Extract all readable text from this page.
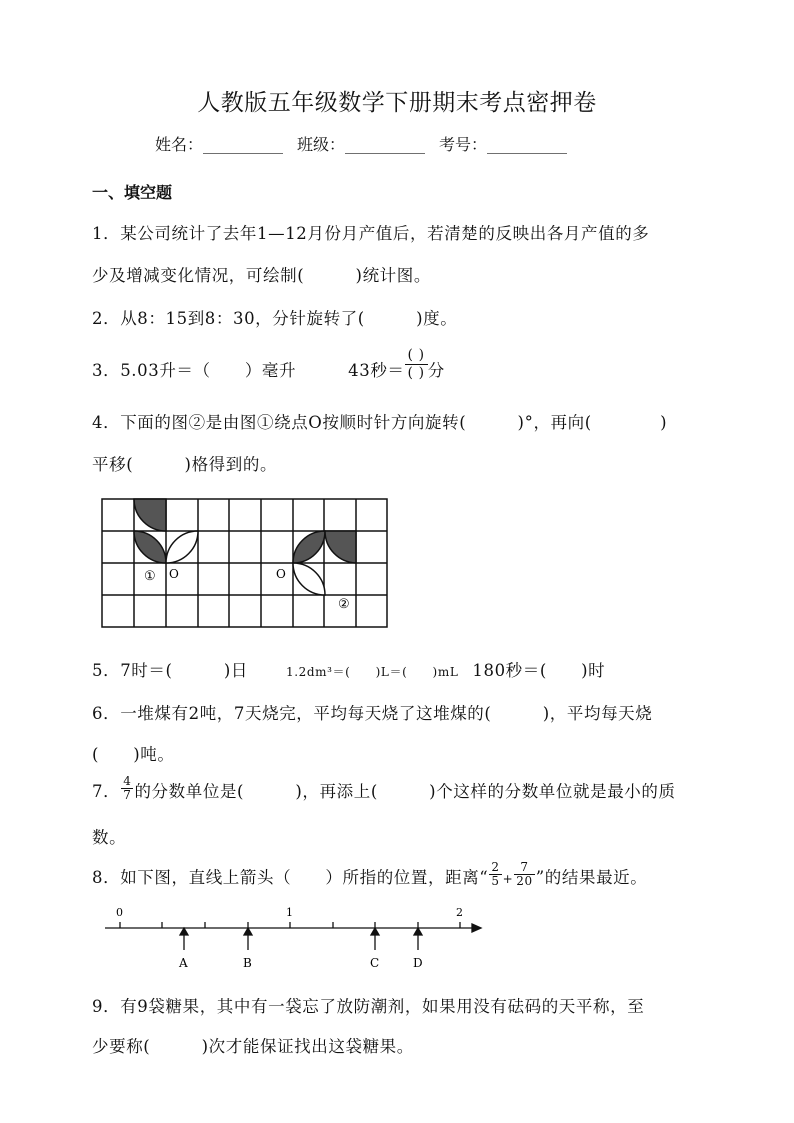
人教版五年级数学下册期末考点密押卷
姓名：__________ 班级：__________ 考号：__________
一、填空题
1．某公司统计了去年1—12月份月产值后，若清楚的反映出各月产值的多
少及增减变化情况，可绘制(　　　)统计图。
2．从8：15到8：30，分针旋转了(　　　)度。
3．5.03升＝（　　）毫升	43秒＝
( )
( ) 分
4．下面的图②是由图①绕点O按顺时针方向旋转(　　　)°，再向(　　　　)
平移(　　　)格得到的。
① O	O
②
5．7时＝(　　　)日	1.2dm³＝(　　)L＝(　　)mL 180秒＝(　　)时
6．一堆煤有2吨，7天烧完，平均每天烧了这堆煤的(　　　)，平均每天烧
(　　)吨。
7． $\frac{4}{7}$ 的分数单位是(　　　)，再添上(　　　)个这样的分数单位就是最小的质
数。
8．如下图，直线上箭头（　　）所指的位置，距离“ $\frac{2}{5} + \frac{7}{20}$ ”的结果最近。
0	1	2
A	B	C	D
9．有9袋糖果，其中有一袋忘了放防潮剂，如果用没有砝码的天平称，至
少要称(　　　)次才能保证找出这袋糖果。
